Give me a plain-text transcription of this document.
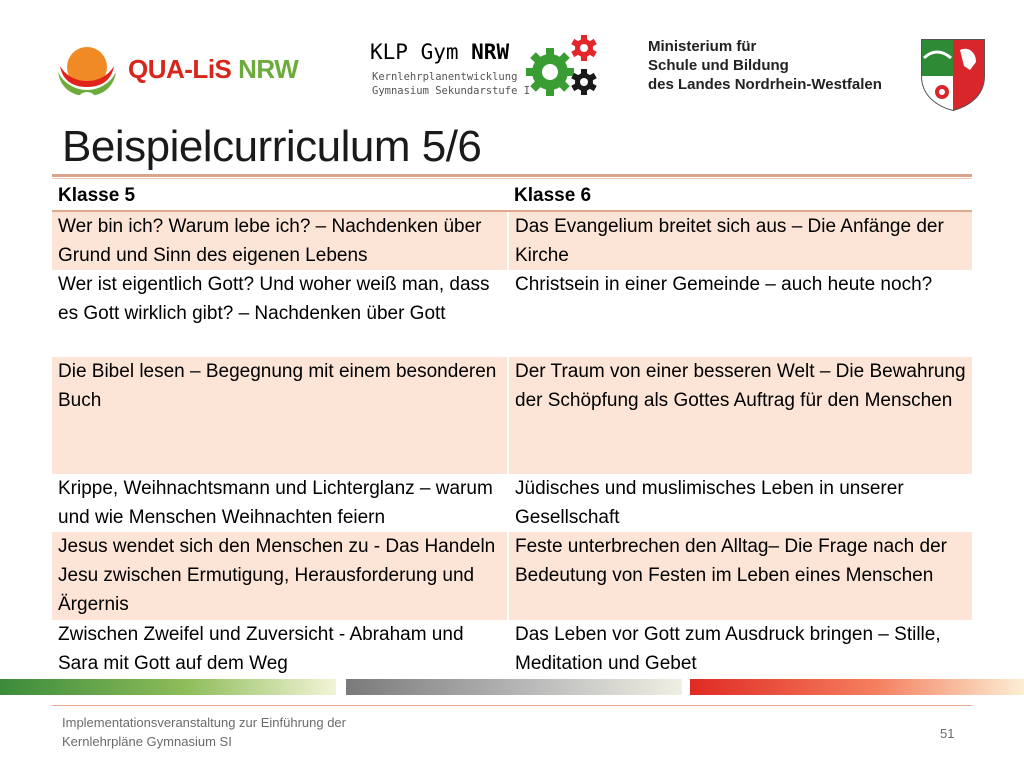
QUA-LiS NRW
KLP Gym NRW
Kernlehrplanentwicklung
Gymnasium Sekundarstufe I
Ministerium für
Schule und Bildung
des Landes Nordrhein-Westfalen
Beispielcurriculum 5/6
Klasse 5	Klasse 6
Wer bin ich? Warum lebe ich? – Nachdenken über Grund und Sinn des eigenen Lebens	Das Evangelium breitet sich aus – Die Anfänge der Kirche
Wer ist eigentlich Gott? Und woher weiß man, dass es Gott wirklich gibt? – Nachdenken über Gott	Christsein in einer Gemeinde – auch heute noch?
Die Bibel lesen – Begegnung mit einem besonderen Buch	Der Traum von einer besseren Welt – Die Bewahrung der Schöpfung als Gottes Auftrag für den Menschen
Krippe, Weihnachtsmann und Lichterglanz – warum und wie Menschen Weihnachten feiern	Jüdisches und muslimisches Leben in unserer Gesellschaft
Jesus wendet sich den Menschen zu - Das Handeln Jesu zwischen Ermutigung, Herausforderung und Ärgernis	Feste unterbrechen den Alltag– Die Frage nach der Bedeutung von Festen im Leben eines Menschen
Zwischen Zweifel und Zuversicht - Abraham und Sara mit Gott auf dem Weg	Das Leben vor Gott zum Ausdruck bringen – Stille, Meditation und Gebet
Implementationsveranstaltung zur Einführung der
Kernlehrpläne Gymnasium SI
51
